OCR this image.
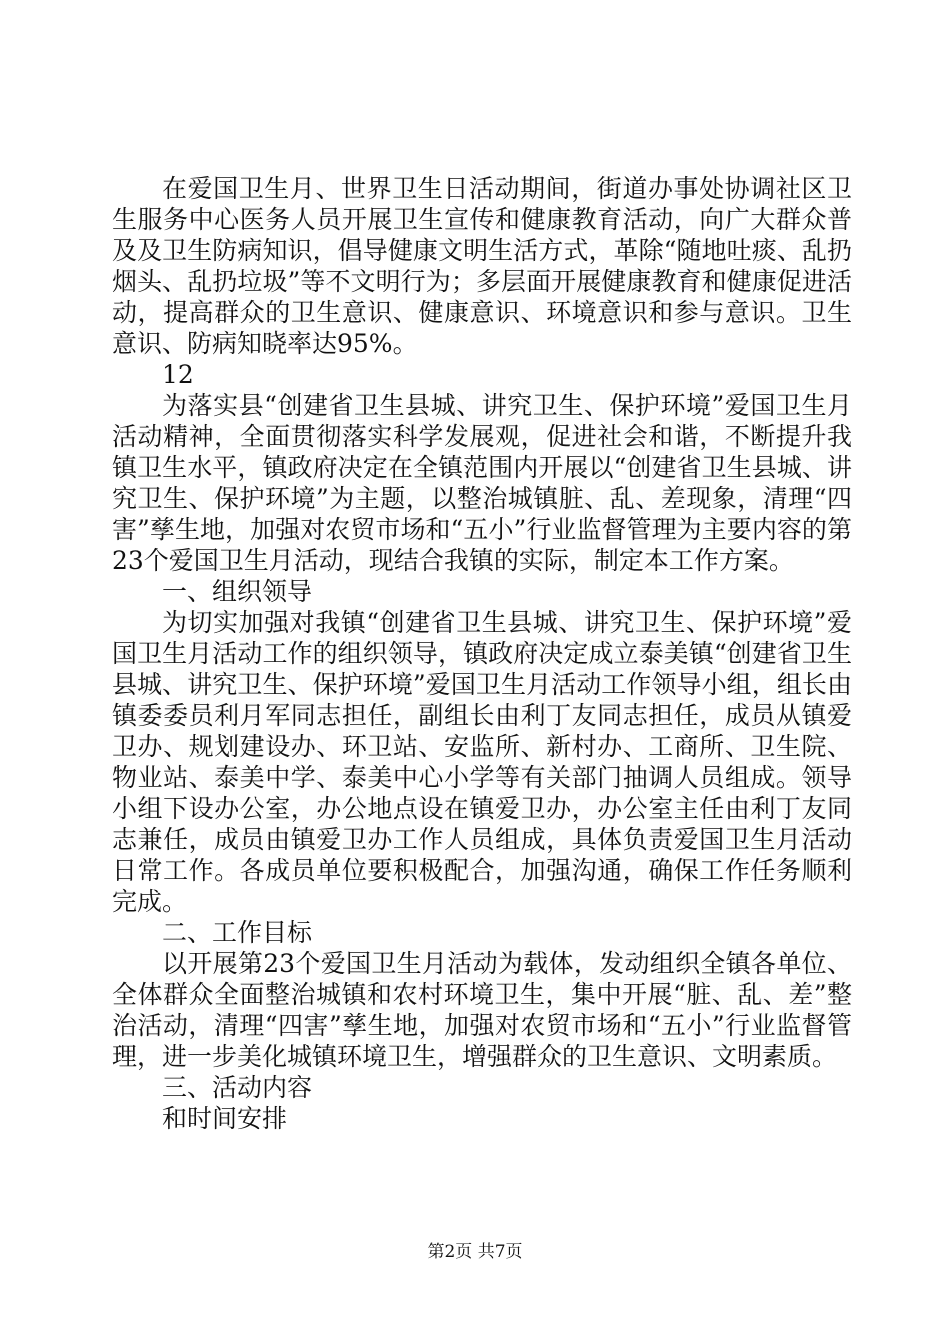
在爱国卫生月、世界卫生日活动期间，街道办事处协调社区卫生服务中心医务人员开展卫生宣传和健康教育活动，向广大群众普及及卫生防病知识，倡导健康文明生活方式，革除“随地吐痰、乱扔烟头、乱扔垃圾”等不文明行为；多层面开展健康教育和健康促进活动，提高群众的卫生意识、健康意识、环境意识和参与意识。卫生意识、防病知晓率达95%。

12

为落实县“创建省卫生县城、讲究卫生、保护环境”爱国卫生月活动精神，全面贯彻落实科学发展观，促进社会和谐，不断提升我镇卫生水平，镇政府决定在全镇范围内开展以“创建省卫生县城、讲究卫生、保护环境”为主题，以整治城镇脏、乱、差现象，清理“四害”孳生地，加强对农贸市场和“五小”行业监督管理为主要内容的第23个爱国卫生月活动，现结合我镇的实际，制定本工作方案。

一、组织领导

为切实加强对我镇“创建省卫生县城、讲究卫生、保护环境”爱国卫生月活动工作的组织领导，镇政府决定成立泰美镇“创建省卫生县城、讲究卫生、保护环境”爱国卫生月活动工作领导小组，组长由镇委委员利月军同志担任，副组长由利丁友同志担任，成员从镇爱卫办、规划建设办、环卫站、安监所、新村办、工商所、卫生院、物业站、泰美中学、泰美中心小学等有关部门抽调人员组成。领导小组下设办公室，办公地点设在镇爱卫办，办公室主任由利丁友同志兼任，成员由镇爱卫办工作人员组成，具体负责爱国卫生月活动日常工作。各成员单位要积极配合，加强沟通，确保工作任务顺利完成。

二、工作目标

以开展第23个爱国卫生月活动为载体，发动组织全镇各单位、全体群众全面整治城镇和农村环境卫生，集中开展“脏、乱、差”整治活动，清理“四害”孳生地，加强对农贸市场和“五小”行业监督管理，进一步美化城镇环境卫生，增强群众的卫生意识、文明素质。

三、活动内容

和时间安排

第2页 共7页
